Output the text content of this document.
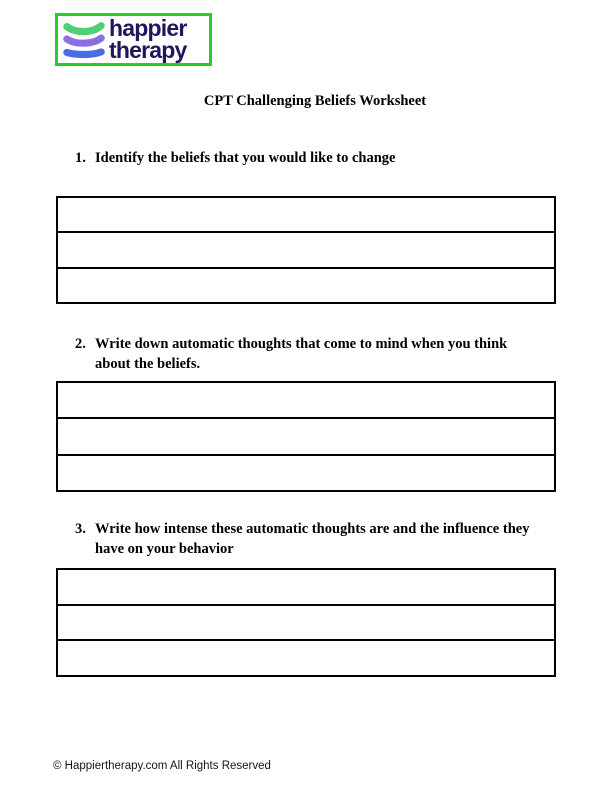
happier
therapy
CPT Challenging Beliefs Worksheet
1. Identify the beliefs that you would like to change
2. Write down automatic thoughts that come to mind when you think
about the beliefs.
3. Write how intense these automatic thoughts are and the influence they
have on your behavior
© Happiertherapy.com All Rights Reserved
